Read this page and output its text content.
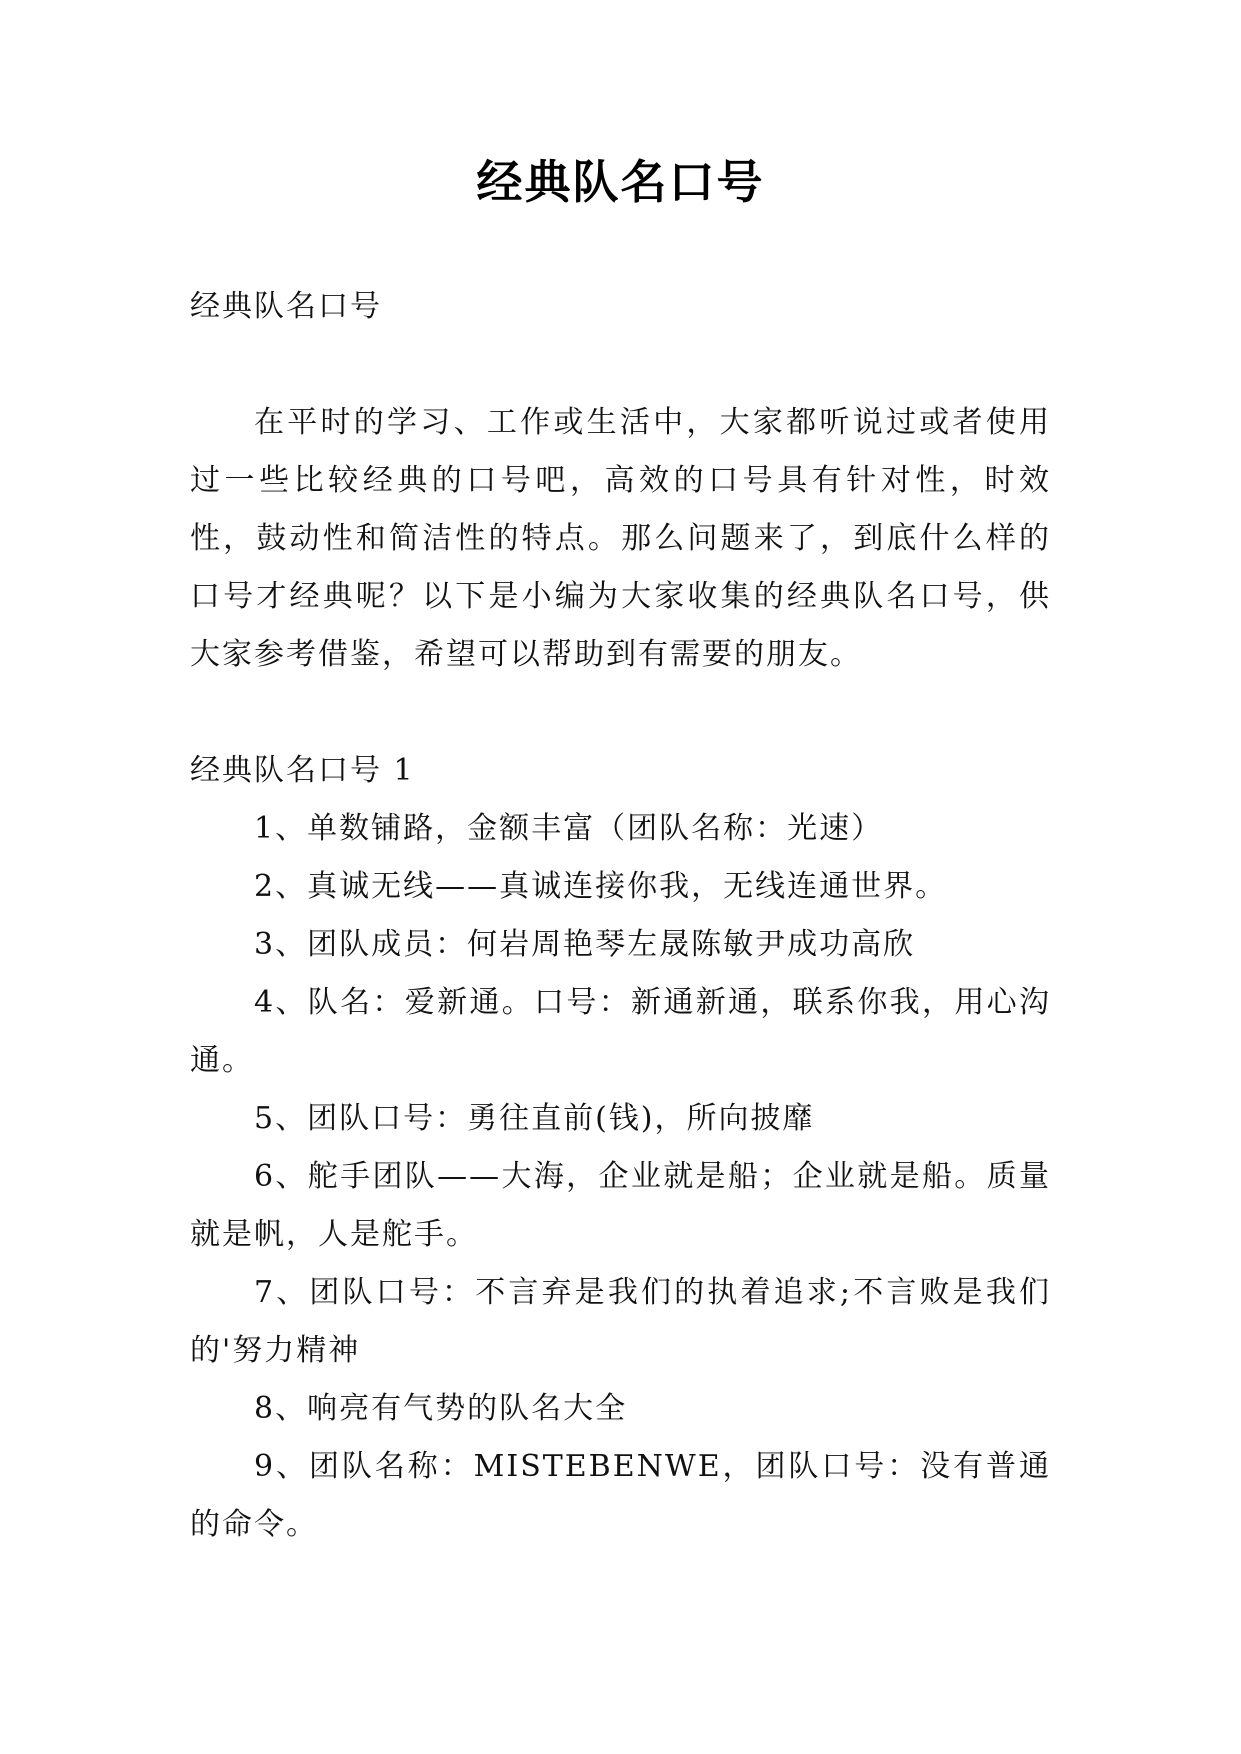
经典队名口号

经典队名口号

在平时的学习、工作或生活中，大家都听说过或者使用过一些比较经典的口号吧，高效的口号具有针对性，时效性，鼓动性和简洁性的特点。那么问题来了，到底什么样的口号才经典呢？以下是小编为大家收集的经典队名口号，供大家参考借鉴，希望可以帮助到有需要的朋友。

经典队名口号 1

1、单数铺路，金额丰富（团队名称：光速）

2、真诚无线——真诚连接你我，无线连通世界。

3、团队成员：何岩周艳琴左晟陈敏尹成功高欣

4、队名：爱新通。口号：新通新通，联系你我，用心沟通。

5、团队口号：勇往直前(钱)，所向披靡

6、舵手团队——大海，企业就是船；企业就是船。质量就是帆，人是舵手。

7、团队口号：不言弃是我们的执着追求;不言败是我们的'努力精神

8、响亮有气势的队名大全

9、团队名称：MISTEBENWE，团队口号：没有普通的命令。
